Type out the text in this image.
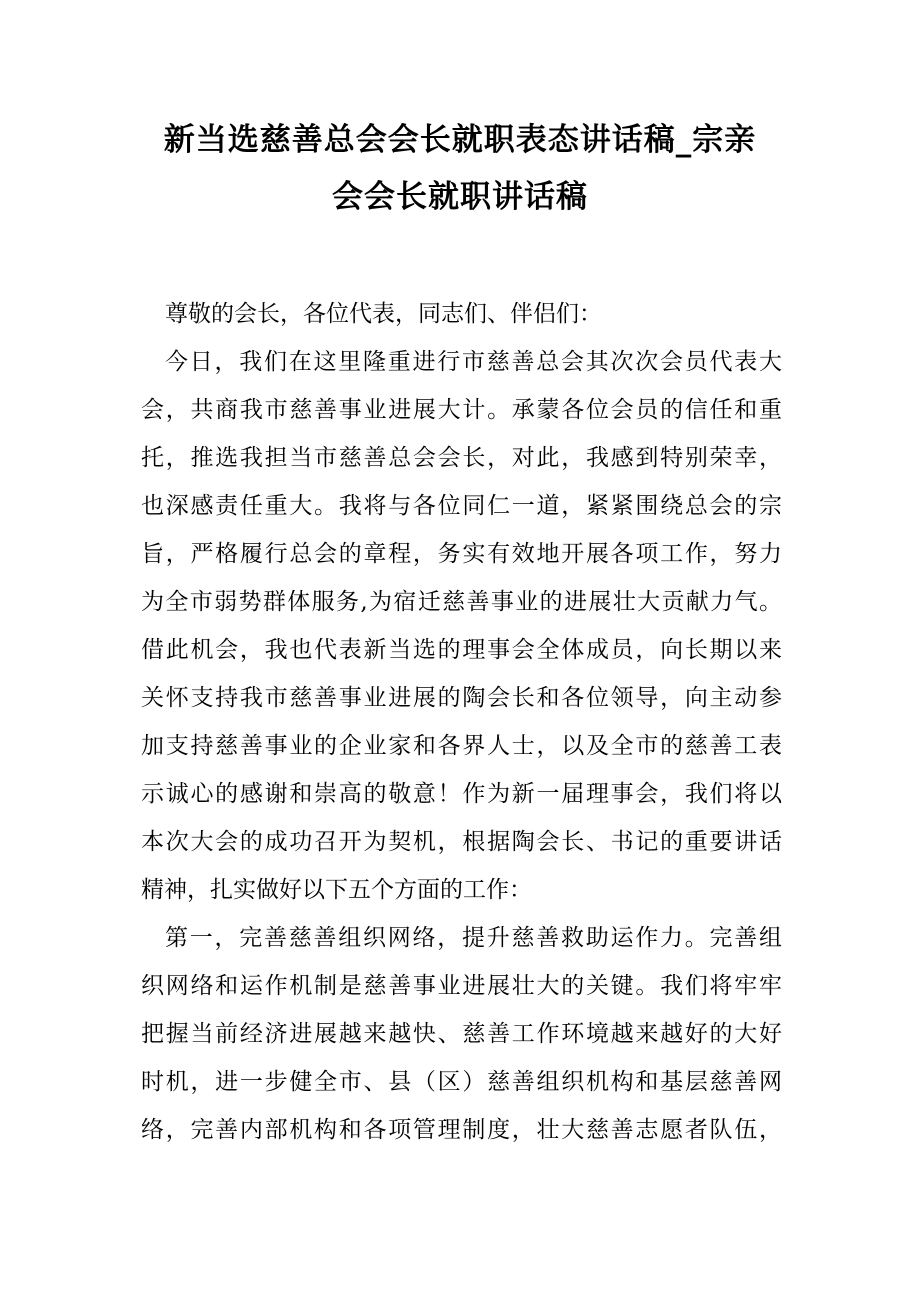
新当选慈善总会会长就职表态讲话稿_宗亲
会会长就职讲话稿

尊敬的会长，各位代表，同志们、伴侣们：

今日，我们在这里隆重进行市慈善总会其次次会员代表大
会，共商我市慈善事业进展大计。承蒙各位会员的信任和重
托，推选我担当市慈善总会会长，对此，我感到特别荣幸，
也深感责任重大。我将与各位同仁一道，紧紧围绕总会的宗
旨，严格履行总会的章程，务实有效地开展各项工作，努力
为全市弱势群体服务,为宿迁慈善事业的进展壮大贡献力气。
借此机会，我也代表新当选的理事会全体成员，向长期以来
关怀支持我市慈善事业进展的陶会长和各位领导，向主动参
加支持慈善事业的企业家和各界人士，以及全市的慈善工表
示诚心的感谢和崇高的敬意！作为新一届理事会，我们将以
本次大会的成功召开为契机，根据陶会长、书记的重要讲话
精神，扎实做好以下五个方面的工作：

第一，完善慈善组织网络，提升慈善救助运作力。完善组
织网络和运作机制是慈善事业进展壮大的关键。我们将牢牢
把握当前经济进展越来越快、慈善工作环境越来越好的大好
时机，进一步健全市、县（区）慈善组织机构和基层慈善网
络，完善内部机构和各项管理制度，壮大慈善志愿者队伍，
